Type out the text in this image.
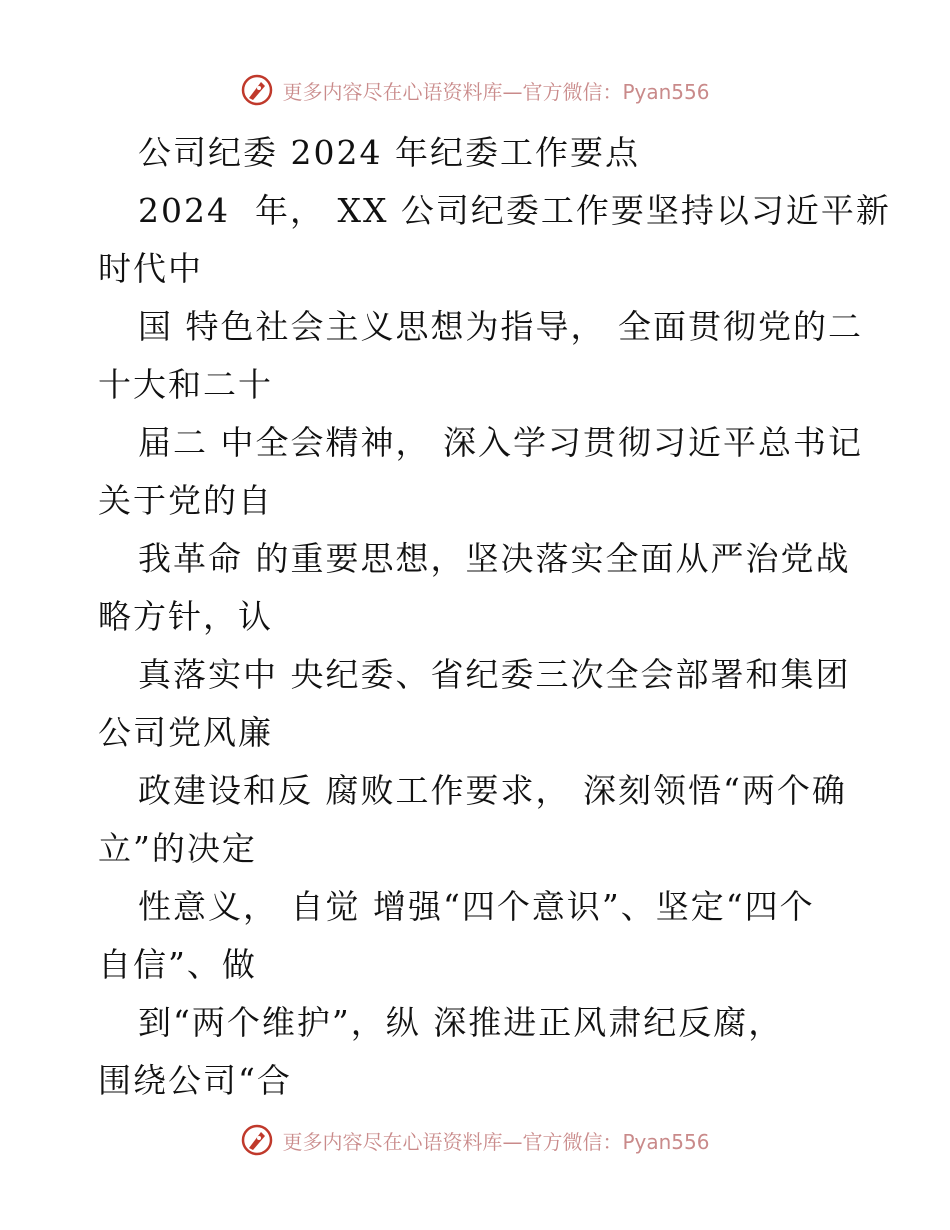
更多内容尽在心语资料库—官方微信：Pyan556
公司纪委 2024 年纪委工作要点
2024  年， XX 公司纪委工作要坚持以习近平新
时代中
国 特色社会主义思想为指导， 全面贯彻党的二
十大和二十
届二 中全会精神， 深入学习贯彻习近平总书记
关于党的自
我革命 的重要思想，坚决落实全面从严治党战
略方针，认
真落实中 央纪委、省纪委三次全会部署和集团
公司党风廉
政建设和反 腐败工作要求， 深刻领悟“两个确
立”的决定
性意义， 自觉 增强“四个意识”、坚定“四个
自信”、做
到“两个维护”，纵 深推进正风肃纪反腐，
围绕公司“合
更多内容尽在心语资料库—官方微信：Pyan556
